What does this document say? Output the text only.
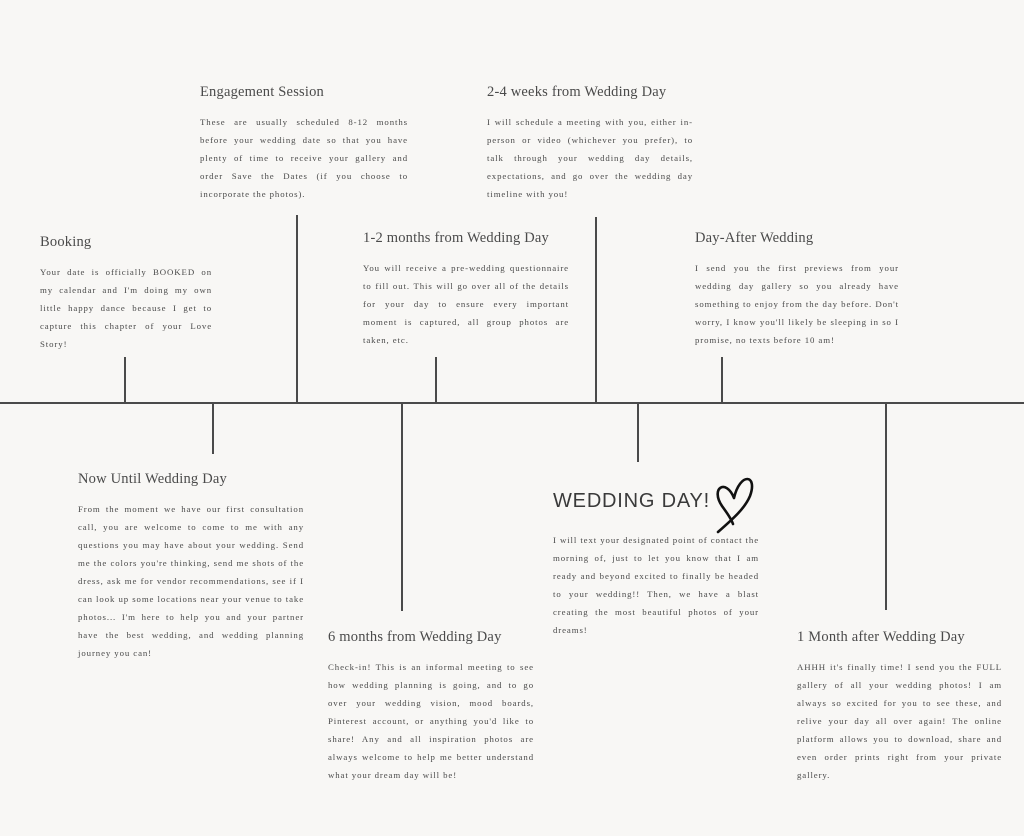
Booking
Your date is officially BOOKED on my calendar and I'm doing my own little happy dance because I get to capture this chapter of your Love Story!
Engagement Session
These are usually scheduled 8-12 months before your wedding date so that you have plenty of time to receive your gallery and order Save the Dates (if you choose to incorporate the photos).
1-2 months from Wedding Day
You will receive a pre-wedding questionnaire to fill out. This will go over all of the details for your day to ensure every important moment is captured, all group photos are taken, etc.
2-4 weeks from Wedding Day
I will schedule a meeting with you, either in-person or video (whichever you prefer), to talk through your wedding day details, expectations, and go over the wedding day timeline with you!
Day-After Wedding
I send you the first previews from your wedding day gallery so you already have something to enjoy from the day before. Don't worry, I know you'll likely be sleeping in so I promise, no texts before 10 am!
Now Until Wedding Day
From the moment we have our first consultation call, you are welcome to come to me with any questions you may have about your wedding. Send me the colors you're thinking, send me shots of the dress, ask me for vendor recommendations, see if I can look up some locations near your venue to take photos... I'm here to help you and your partner have the best wedding, and wedding planning journey you can!
6 months from Wedding Day
Check-in! This is an informal meeting to see how wedding planning is going, and to go over your wedding vision, mood boards, Pinterest account, or anything you'd like to share! Any and all inspiration photos are always welcome to help me better understand what your dream day will be!
WEDDING DAY!
I will text your designated point of contact the morning of, just to let you know that I am ready and beyond excited to finally be headed to your wedding!! Then, we have a blast creating the most beautiful photos of your dreams!	1 Month after Wedding Day
AHHH it's finally time! I send you the FULL gallery of all your wedding photos! I am always so excited for you to see these, and relive your day all over again! The online platform allows you to download, share and even order prints right from your private gallery.
